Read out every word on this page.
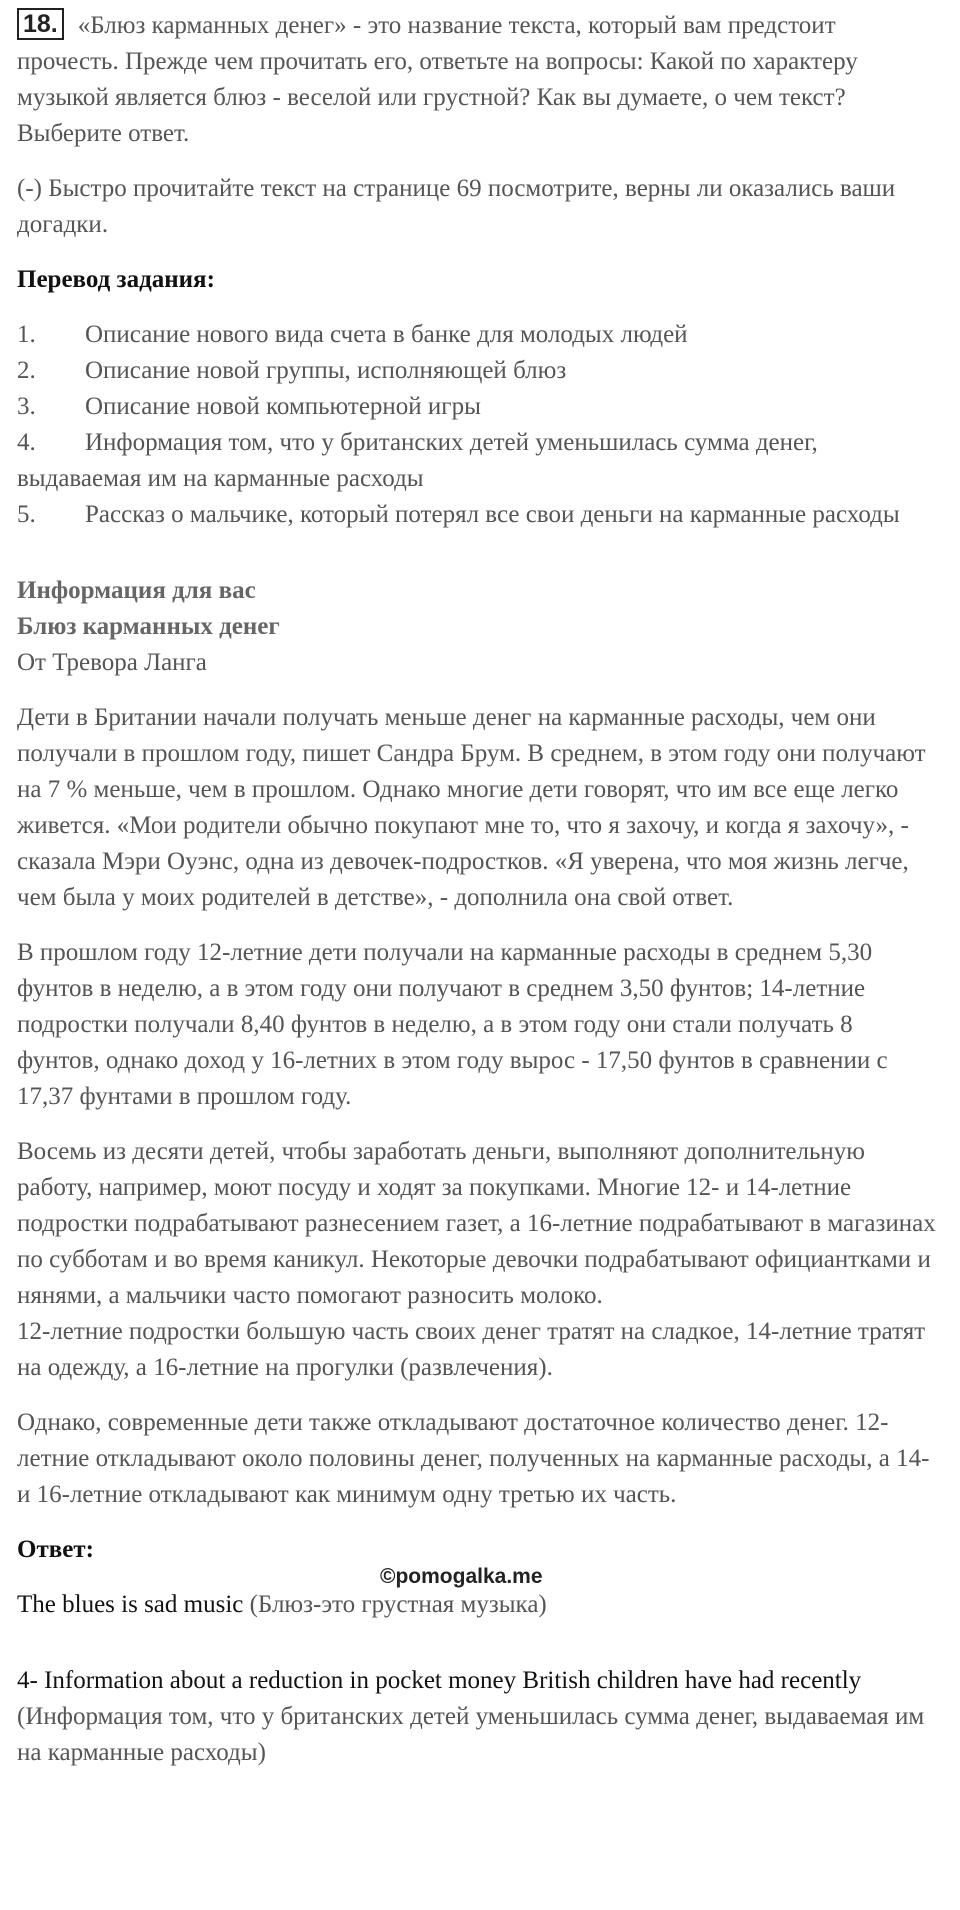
18. «Блюз карманных денег» - это название текста, который вам предстоит прочесть. Прежде чем прочитать его, ответьте на вопросы: Какой по характеру музыкой является блюз - веселой или грустной? Как вы думаете, о чем текст? Выберите ответ.

(-) Быстро прочитайте текст на странице 69 посмотрите, верны ли оказались ваши догадки.

Перевод задания:

1. Описание нового вида счета в банке для молодых людей

2. Описание новой группы, исполняющей блюз

3. Описание новой компьютерной игры

4. Информация том, что у британских детей уменьшилась сумма денег, выдаваемая им на карманные расходы

5. Рассказ о мальчике, который потерял все свои деньги на карманные расходы

Информация для вас

Блюз карманных денег

От Тревора Ланга

Дети в Британии начали получать меньше денег на карманные расходы, чем они получали в прошлом году, пишет Сандра Брум. В среднем, в этом году они получают на 7 % меньше, чем в прошлом. Однако многие дети говорят, что им все еще легко живется. «Мои родители обычно покупают мне то, что я захочу, и когда я захочу», - сказала Мэри Оуэнс, одна из девочек-подростков. «Я уверена, что моя жизнь легче, чем была у моих родителей в детстве», - дополнила она свой ответ.

В прошлом году 12-летние дети получали на карманные расходы в среднем 5,30 фунтов в неделю, а в этом году они получают в среднем 3,50 фунтов; 14-летние подростки получали 8,40 фунтов в неделю, а в этом году они стали получать 8 фунтов, однако доход у 16-летних в этом году вырос - 17,50 фунтов в сравнении с 17,37 фунтами в прошлом году.

Восемь из десяти детей, чтобы заработать деньги, выполняют дополнительную работу, например, моют посуду и ходят за покупками. Многие 12- и 14-летние подростки подрабатывают разнесением газет, а 16-летние подрабатывают в магазинах по субботам и во время каникул. Некоторые девочки подрабатывают официантками и нянями, а мальчики часто помогают разносить молоко.

12-летние подростки большую часть своих денег тратят на сладкое, 14-летние тратят на одежду, а 16-летние на прогулки (развлечения).

Однако, современные дети также откладывают достаточное количество денег. 12-летние откладывают около половины денег, полученных на карманные расходы, а 14- и 16-летние откладывают как минимум одну третью их часть.

Ответ:

The blues is sad music (Блюз-это грустная музыка)

4- Information about a reduction in pocket money British children have had recently (Информация том, что у британских детей уменьшилась сумма денег, выдаваемая им на карманные расходы)

©pomogalka.me
